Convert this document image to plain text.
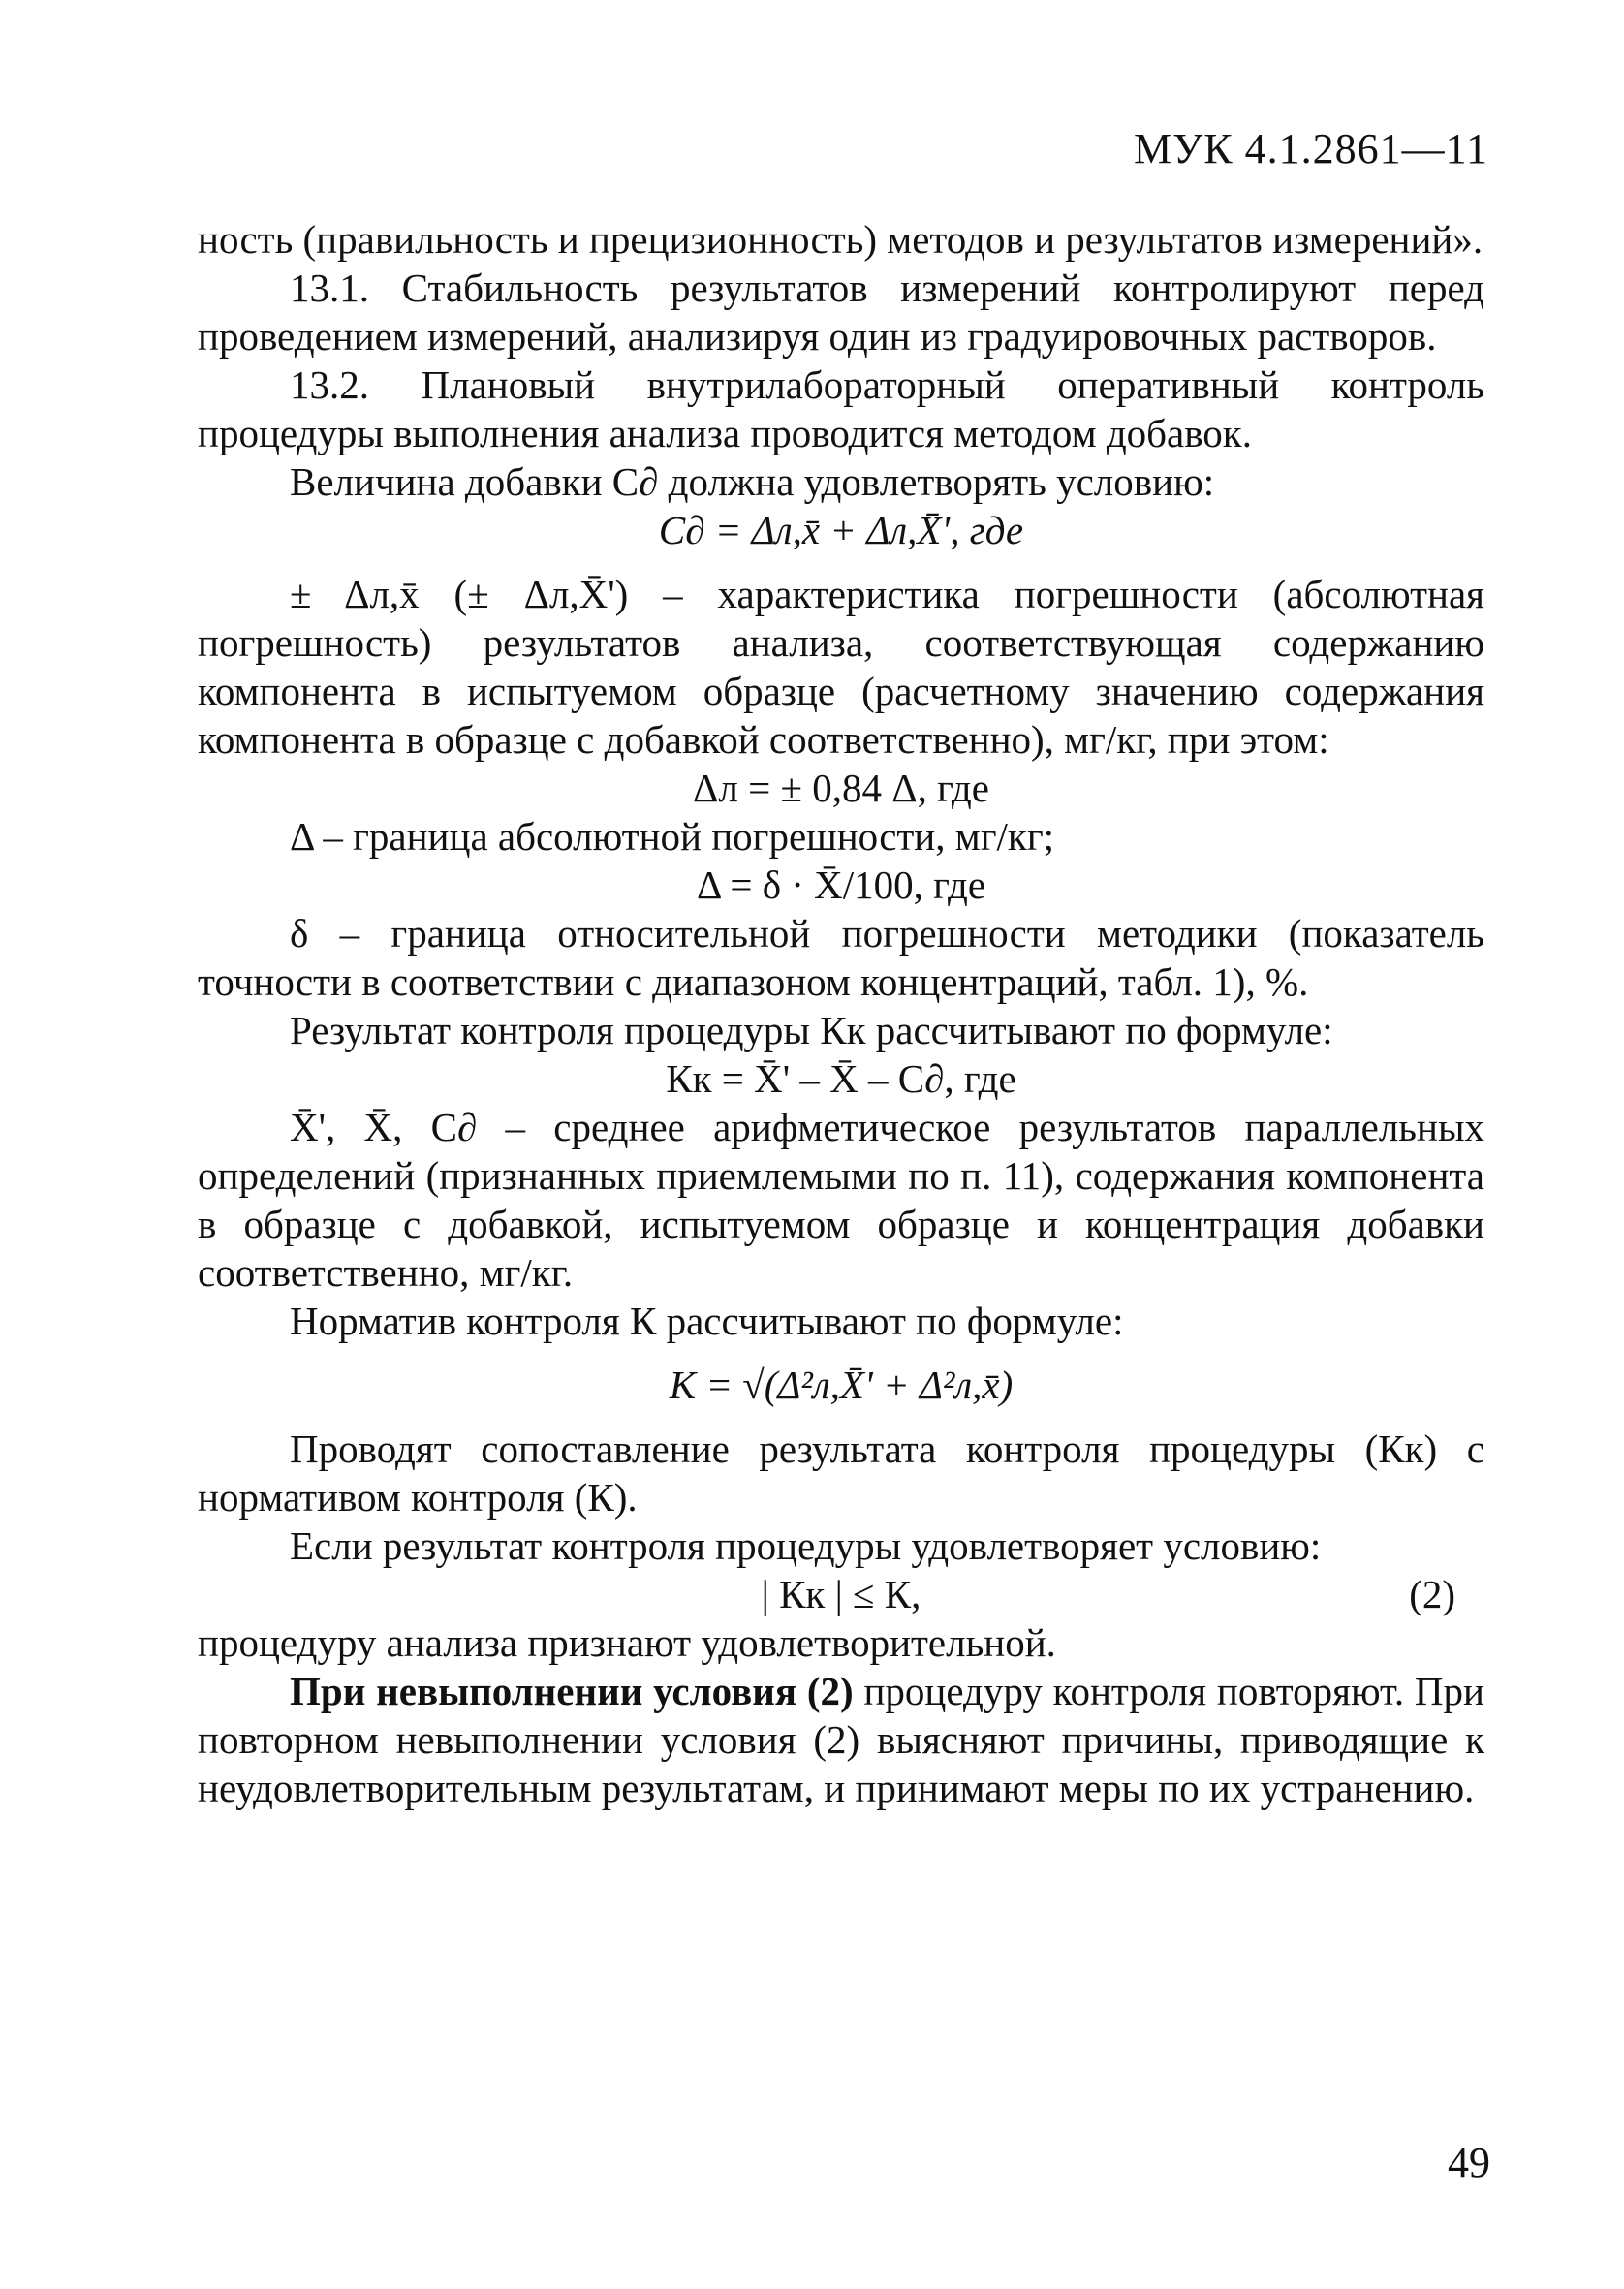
МУК 4.1.2861—11

ность (правильность и прецизионность) методов и результатов измерений».

13.1. Стабильность результатов измерений контролируют перед проведением измерений, анализируя один из градуировочных растворов.

13.2. Плановый внутрилабораторный оперативный контроль процедуры выполнения анализа проводится методом добавок.

Величина добавки С∂ должна удовлетворять условию:

С∂ = Δл,x̄ + Δл,X̄', где

± Δл,x̄ (± Δл,X̄') – характеристика погрешности (абсолютная погрешность) результатов анализа, соответствующая содержанию компонента в испытуемом образце (расчетному значению содержания компонента в образце с добавкой соответственно), мг/кг, при этом:

Δл = ± 0,84 Δ, где

Δ – граница абсолютной погрешности, мг/кг;

Δ = δ · X̄/100, где

δ – граница относительной погрешности методики (показатель точности в соответствии с диапазоном концентраций, табл. 1), %.

Результат контроля процедуры Кк рассчитывают по формуле:

Кк = X̄' – X̄ – С∂, где

X̄', X̄, С∂ – среднее арифметическое результатов параллельных определений (признанных приемлемыми по п. 11), содержания компонента в образце с добавкой, испытуемом образце и концентрация добавки соответственно, мг/кг.

Норматив контроля К рассчитывают по формуле:

K = √(Δ²л,X̄' + Δ²л,x̄)

Проводят сопоставление результата контроля процедуры (Кк) с нормативом контроля (К).

Если результат контроля процедуры удовлетворяет условию:

| Кк | ≤ К,	(2)

процедуру анализа признают удовлетворительной.

При невыполнении условия (2) процедуру контроля повторяют. При повторном невыполнении условия (2) выясняют причины, приводящие к неудовлетворительным результатам, и принимают меры по их устранению.

49
